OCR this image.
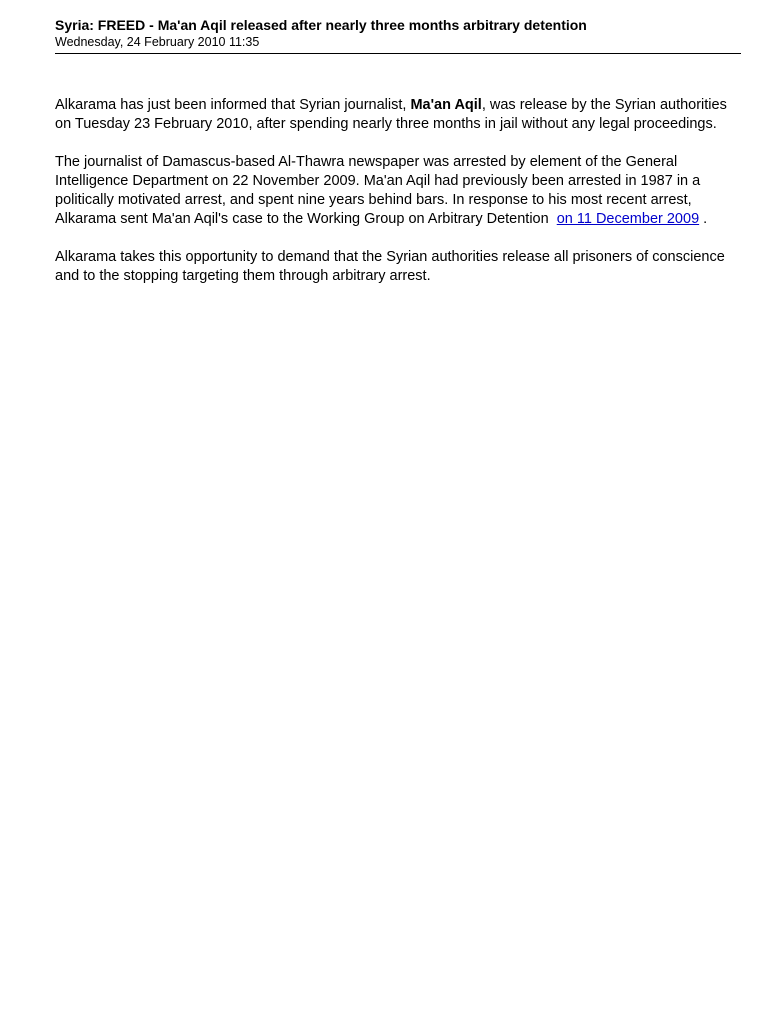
Syria: FREED - Ma'an Aqil released after nearly three months arbitrary detention
Wednesday, 24 February 2010 11:35

Alkarama has just been informed that Syrian journalist, Ma'an Aqil, was release by the Syrian authorities on Tuesday 23 February 2010, after spending nearly three months in jail without any legal proceedings.

The journalist of Damascus-based Al-Thawra newspaper was arrested by element of the General Intelligence Department on 22 November 2009. Ma'an Aqil had previously been arrested in 1987 in a politically motivated arrest, and spent nine years behind bars. In response to his most recent arrest, Alkarama sent Ma'an Aqil's case to the Working Group on Arbitrary Detention on 11 December 2009 .

Alkarama takes this opportunity to demand that the Syrian authorities release all prisoners of conscience and to the stopping targeting them through arbitrary arrest.
